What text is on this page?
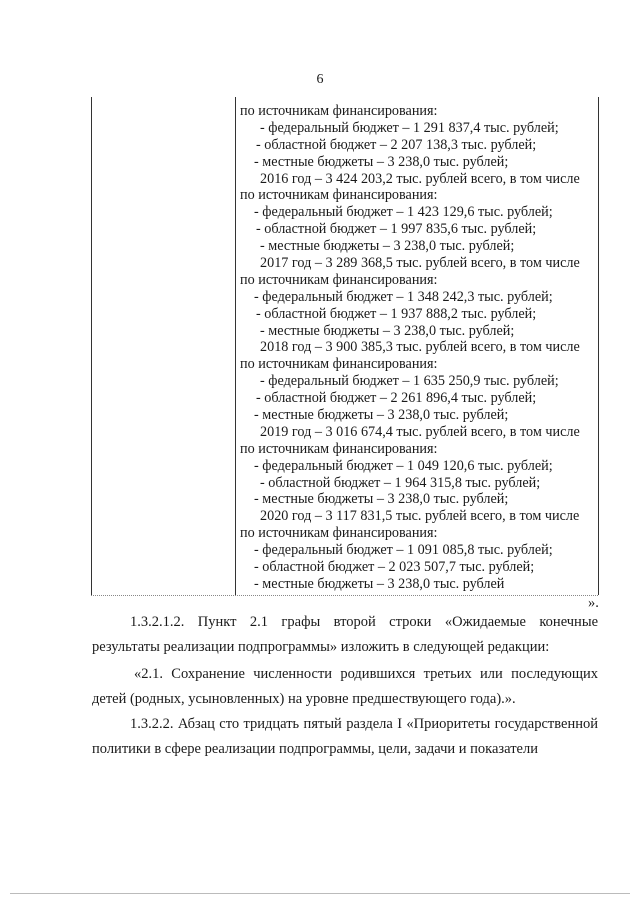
6
по источникам финансирования:
- федеральный бюджет – 1 291 837,4 тыс. рублей;
- областной бюджет – 2 207 138,3 тыс. рублей;
- местные бюджеты – 3 238,0 тыс. рублей;
2016 год – 3 424 203,2 тыс. рублей всего, в том числе
по источникам финансирования:
- федеральный бюджет – 1 423 129,6 тыс. рублей;
- областной бюджет – 1 997 835,6 тыс. рублей;
- местные бюджеты – 3 238,0 тыс. рублей;
2017 год – 3 289 368,5 тыс. рублей всего, в том числе
по источникам финансирования:
- федеральный бюджет – 1 348 242,3 тыс. рублей;
- областной бюджет – 1 937 888,2 тыс. рублей;
- местные бюджеты – 3 238,0 тыс. рублей;
2018 год – 3 900 385,3 тыс. рублей всего, в том числе
по источникам финансирования:
- федеральный бюджет – 1 635 250,9 тыс. рублей;
- областной бюджет – 2 261 896,4 тыс. рублей;
- местные бюджеты – 3 238,0 тыс. рублей;
2019 год – 3 016 674,4 тыс. рублей всего, в том числе
по источникам финансирования:
- федеральный бюджет – 1 049 120,6 тыс. рублей;
- областной бюджет – 1 964 315,8 тыс. рублей;
- местные бюджеты – 3 238,0 тыс. рублей;
2020 год – 3 117 831,5 тыс. рублей всего, в том числе
по источникам финансирования:
- федеральный бюджет – 1 091 085,8 тыс. рублей;
- областной бюджет – 2 023 507,7 тыс. рублей;
- местные бюджеты – 3 238,0 тыс. рублей
».
1.3.2.1.2. Пункт 2.1 графы второй строки «Ожидаемые конечные результаты реализации подпрограммы» изложить в следующей редакции:
«2.1. Сохранение численности родившихся третьих или последующих детей (родных, усыновленных) на уровне предшествующего года).».
1.3.2.2. Абзац сто тридцать пятый раздела I «Приоритеты государственной политики в сфере реализации подпрограммы, цели, задачи и показатели
